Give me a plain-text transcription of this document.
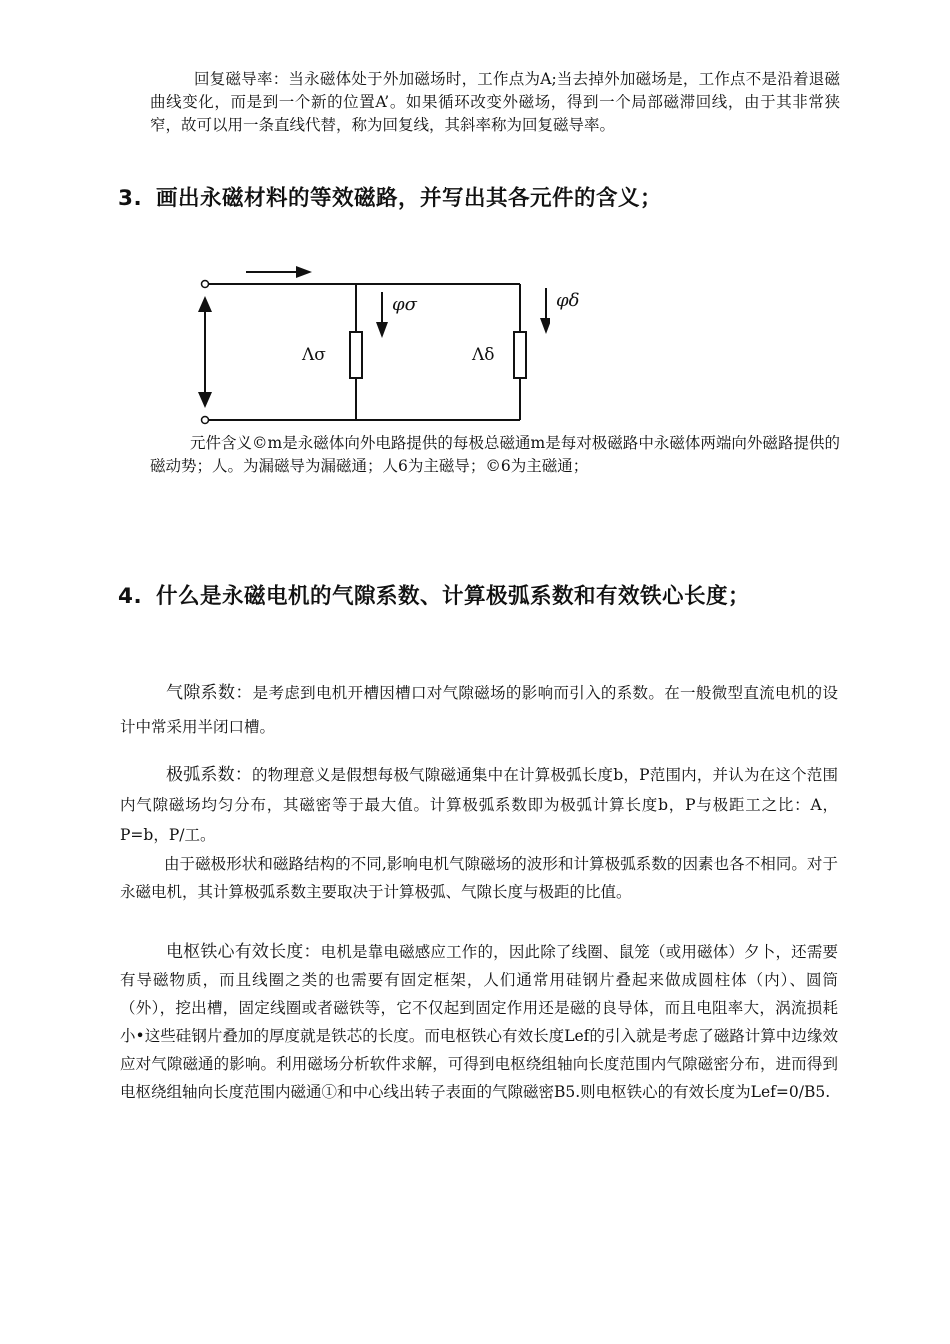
回复磁导率：当永磁体处于外加磁场时，工作点为A;当去掉外加磁场是，工作点不是沿着退磁曲线变化，而是到一个新的位置A’。如果循环改变外磁场，得到一个局部磁滞回线，由于其非常狭窄，故可以用一条直线代替，称为回复线，其斜率称为回复磁导率。

3. 画出永磁材料的等效磁路，并写出其各元件的含义；
φσ
Λσ	Λδ
φδ

元件含义©m是永磁体向外电路提供的每极总磁通m是每对极磁路中永磁体两端向外磁路提供的磁动势；人。为漏磁导为漏磁通；人6为主磁导；©6为主磁通；

4. 什么是永磁电机的气隙系数、计算极弧系数和有效铁心长度；

气隙系数：是考虑到电机开槽因槽口对气隙磁场的影响而引入的系数。在一般微型直流电机的设计中常采用半闭口槽。

极弧系数：的物理意义是假想每极气隙磁通集中在计算极弧长度b，P范围内，并认为在这个范围内气隙磁场均匀分布，其磁密等于最大值。计算极弧系数即为极弧计算长度b，P与极距工之比：A，P=b，P/工。

由于磁极形状和磁路结构的不同,影响电机气隙磁场的波形和计算极弧系数的因素也各不相同。对于永磁电机，其计算极弧系数主要取决于计算极弧、气隙长度与极距的比值。

电枢铁心有效长度：电机是靠电磁感应工作的，因此除了线圈、鼠笼（或用磁体）夕卜，还需要有导磁物质，而且线圈之类的也需要有固定框架，人们通常用硅钢片叠起来做成圆柱体（内）、圆筒（外），挖出槽，固定线圈或者磁铁等，它不仅起到固定作用还是磁的良导体，而且电阻率大，涡流损耗小•这些硅钢片叠加的厚度就是铁芯的长度。而电枢铁心有效长度Lef的引入就是考虑了磁路计算中边缘效应对气隙磁通的影响。利用磁场分析软件求解，可得到电枢绕组轴向长度范围内气隙磁密分布，进而得到电枢绕组轴向长度范围内磁通①和中心线出转子表面的气隙磁密B5.则电枢铁心的有效长度为Lef=0/B5.
